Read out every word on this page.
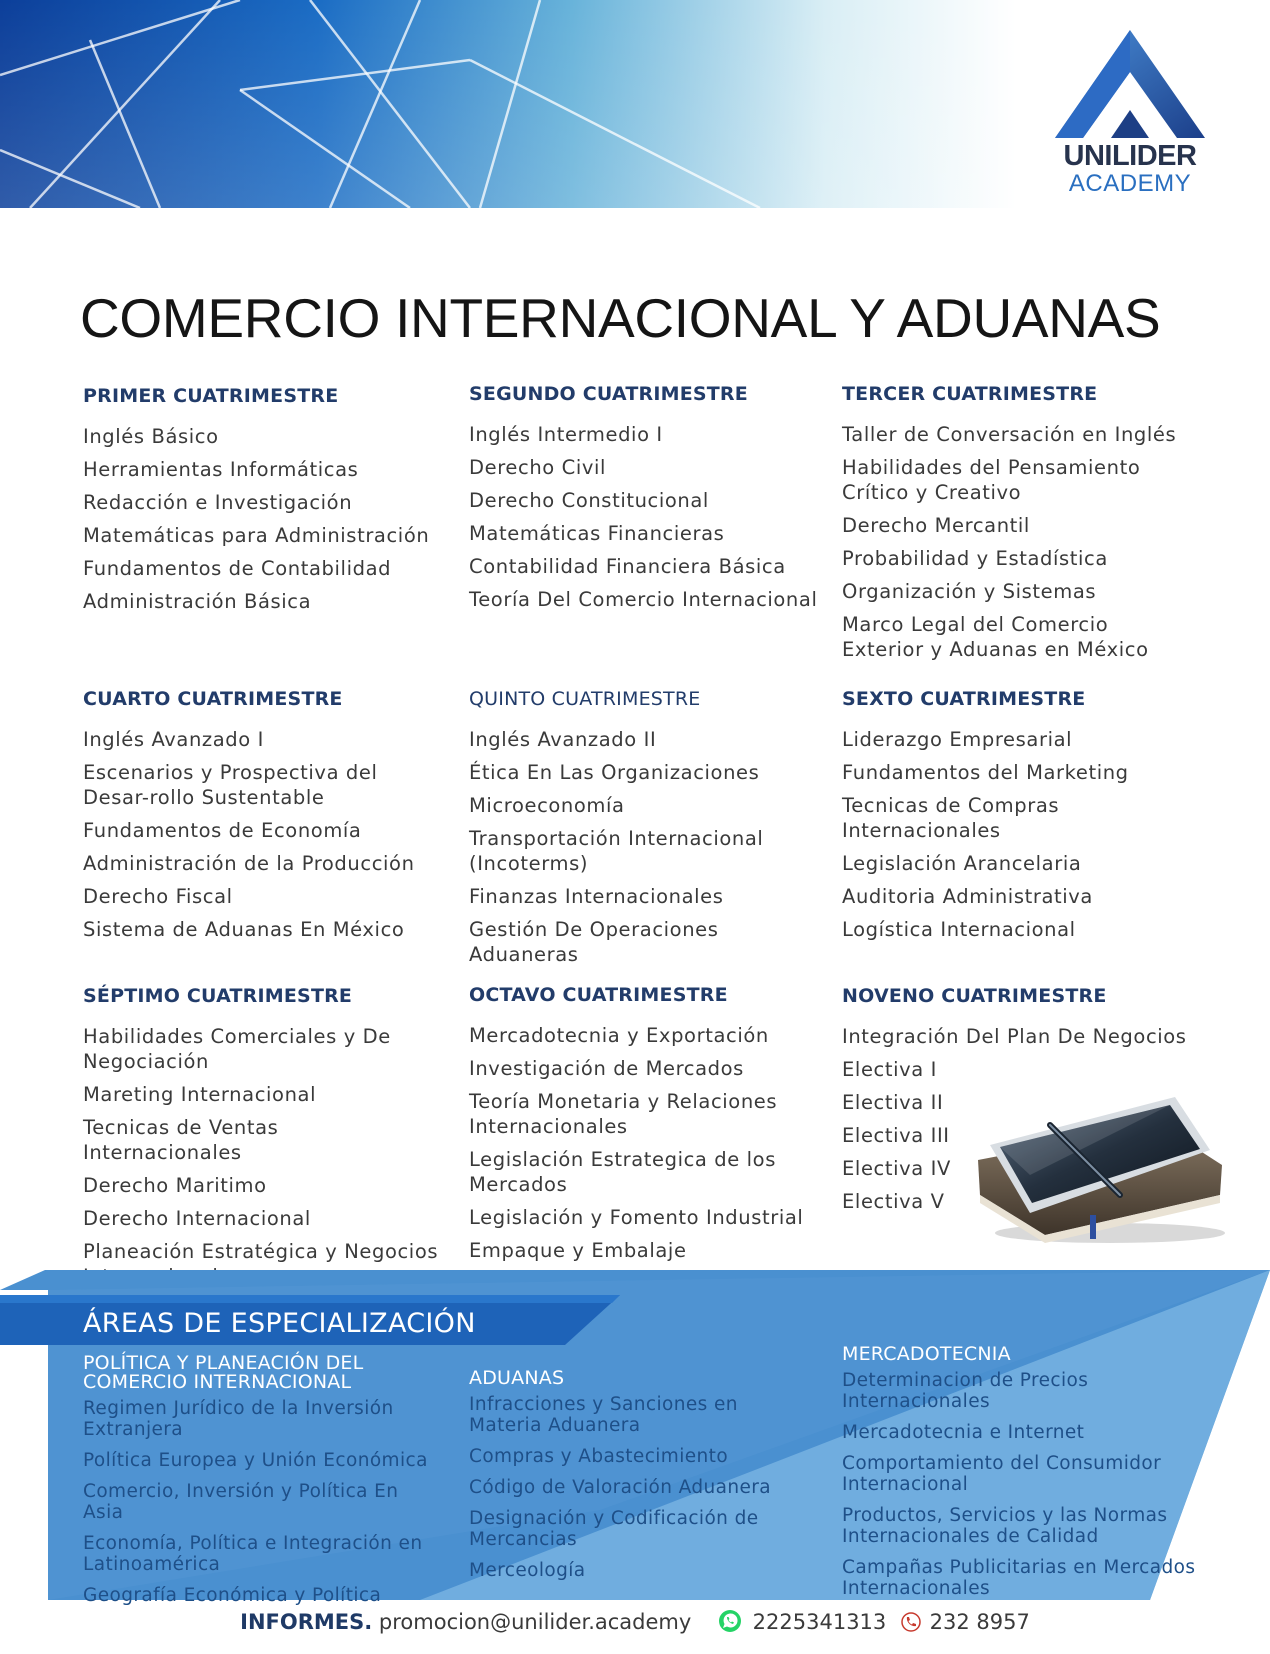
UNILIDER
ACADEMY
COMERCIO INTERNACIONAL Y ADUANAS
PRIMER CUATRIMESTRE
Inglés Básico
Herramientas Informáticas
Redacción e Investigación
Matemáticas para Administración
Fundamentos de Contabilidad
Administración Básica
SEGUNDO CUATRIMESTRE
Inglés Intermedio I
Derecho Civil
Derecho Constitucional
Matemáticas Financieras
Contabilidad Financiera Básica
Teoría Del Comercio Internacional
TERCER CUATRIMESTRE
Taller de Conversación en Inglés
Habilidades del Pensamiento Crítico y Creativo
Derecho Mercantil
Probabilidad y Estadística
Organización y Sistemas
Marco Legal del Comercio Exterior y Aduanas en México
CUARTO CUATRIMESTRE
Inglés Avanzado I
Escenarios y Prospectiva del Desar-rollo Sustentable
Fundamentos de Economía
Administración de la Producción
Derecho Fiscal
Sistema de Aduanas En México
QUINTO CUATRIMESTRE
Inglés Avanzado II
Ética En Las Organizaciones
Microeconomía
Transportación Internacional (Incoterms)
Finanzas Internacionales
Gestión De Operaciones Aduaneras
SEXTO CUATRIMESTRE
Liderazgo Empresarial
Fundamentos del Marketing
Tecnicas de Compras Internacionales
Legislación Arancelaria
Auditoria Administrativa
Logística Internacional
SÉPTIMO CUATRIMESTRE
Habilidades Comerciales y De Negociación
Mareting Internacional
Tecnicas de Ventas Internacionales
Derecho Maritimo
Derecho Internacional
Planeación Estratégica y Negocios
OCTAVO CUATRIMESTRE
Mercadotecnia y Exportación
Investigación de Mercados
Teoría Monetaria y Relaciones Internacionales
Legislación Estrategica de los Mercados
Legislación y Fomento Industrial
Empaque y Embalaje
NOVENO CUATRIMESTRE
Integración Del Plan De Negocios
Electiva I
Electiva II
Electiva III
Electiva IV
Electiva V
ÁREAS DE ESPECIALIZACIÓN
POLÍTICA Y PLANEACIÓN DEL COMERCIO INTERNACIONAL
Regimen Jurídico de la Inversión Extranjera
Política Europea y Unión Económica
Comercio, Inversión y Política En Asia
Economía, Política e Integración en Latinoamérica
Geografía Económica y Política
ADUANAS
Infracciones y Sanciones en Materia Aduanera
Compras y Abastecimiento
Código de Valoración Aduanera
Designación y Codificación de Mercancias
Merceología
MERCADOTECNIA
Determinacion de Precios Internacionales
Mercadotecnia e Internet
Comportamiento del Consumidor Internacional
Productos, Servicios y las Normas Internacionales de Calidad
Campañas Publicitarias en Mercados Internacionales
INFORMES. promocion@unilider.academy	2225341313 232 8957
